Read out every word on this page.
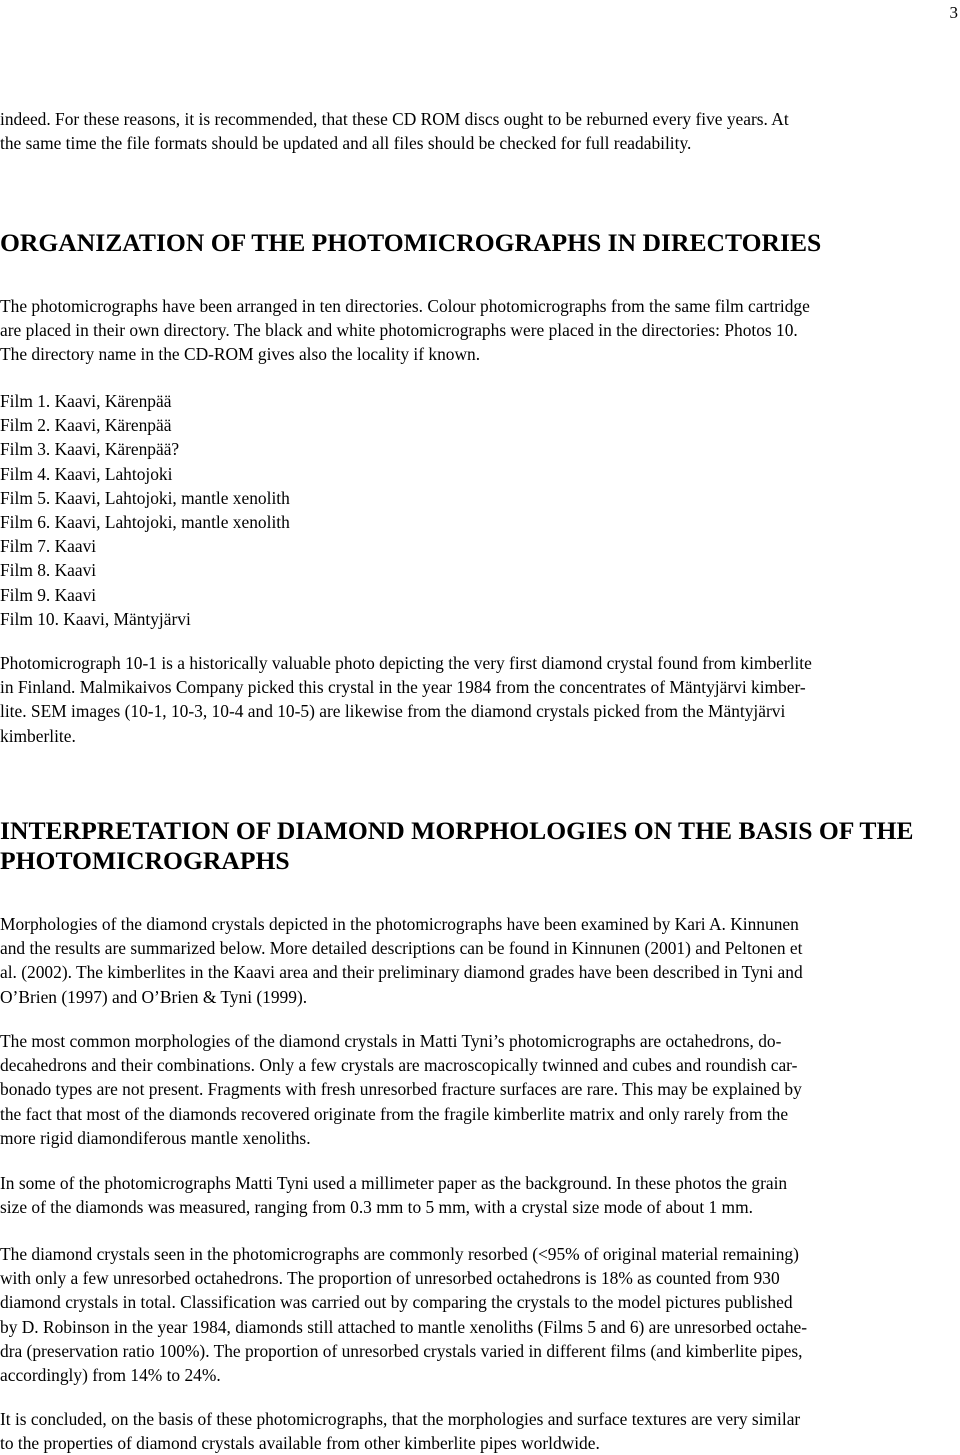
3
indeed. For these reasons, it is recommended, that these CD ROM discs ought to be reburned every five years. At
the same time the file formats should be updated and all files should be checked for full readability.
ORGANIZATION OF THE PHOTOMICROGRAPHS IN DIRECTORIES
The photomicrographs have been arranged in ten directories. Colour photomicrographs from the same film cartridge
are placed in their own directory. The black and white photomicrographs were placed in the directories: Photos 10.
The directory name in the CD-ROM gives also the locality if known.
Film 1. Kaavi, Kärenpää
Film 2. Kaavi, Kärenpää
Film 3. Kaavi, Kärenpää?
Film 4. Kaavi, Lahtojoki
Film 5. Kaavi, Lahtojoki, mantle xenolith
Film 6. Kaavi, Lahtojoki, mantle xenolith
Film 7. Kaavi
Film 8. Kaavi
Film 9. Kaavi
Film 10. Kaavi, Mäntyjärvi
Photomicrograph 10-1 is a historically valuable photo depicting the very first diamond crystal found from kimberlite
in Finland. Malmikaivos Company picked this crystal in the year 1984 from the concentrates of Mäntyjärvi kimber-
lite. SEM images (10-1, 10-3, 10-4 and 10-5) are likewise from the diamond crystals picked from the Mäntyjärvi
kimberlite.
INTERPRETATION OF DIAMOND MORPHOLOGIES ON THE BASIS OF THE
PHOTOMICROGRAPHS
Morphologies of the diamond crystals depicted in the photomicrographs have been examined by Kari A. Kinnunen
and the results are summarized below. More detailed descriptions can be found in Kinnunen (2001) and Peltonen et
al. (2002). The kimberlites in the Kaavi area and their preliminary diamond grades have been described in Tyni and
O’Brien (1997) and O’Brien & Tyni (1999).
The most common morphologies of the diamond crystals in Matti Tyni’s photomicrographs are octahedrons, do-
decahedrons and their combinations. Only a few crystals are macroscopically twinned and cubes and roundish car-
bonado types are not present. Fragments with fresh unresorbed fracture surfaces are rare. This may be explained by
the fact that most of the diamonds recovered originate from the fragile kimberlite matrix and only rarely from the
more rigid diamondiferous mantle xenoliths.
In some of the photomicrographs Matti Tyni used a millimeter paper as the background. In these photos the grain
size of the diamonds was measured, ranging from 0.3 mm to 5 mm, with a crystal size mode of about 1 mm.
The diamond crystals seen in the photomicrographs are commonly resorbed (<95% of original material remaining)
with only a few unresorbed octahedrons. The proportion of unresorbed octahedrons is 18% as counted from 930
diamond crystals in total. Classification was carried out by comparing the crystals to the model pictures published
by D. Robinson in the year 1984, diamonds still attached to mantle xenoliths (Films 5 and 6) are unresorbed octahe-
dra (preservation ratio 100%). The proportion of unresorbed crystals varied in different films (and kimberlite pipes,
accordingly) from 14% to 24%.
It is concluded, on the basis of these photomicrographs, that the morphologies and surface textures are very similar
to the properties of diamond crystals available from other kimberlite pipes worldwide.
